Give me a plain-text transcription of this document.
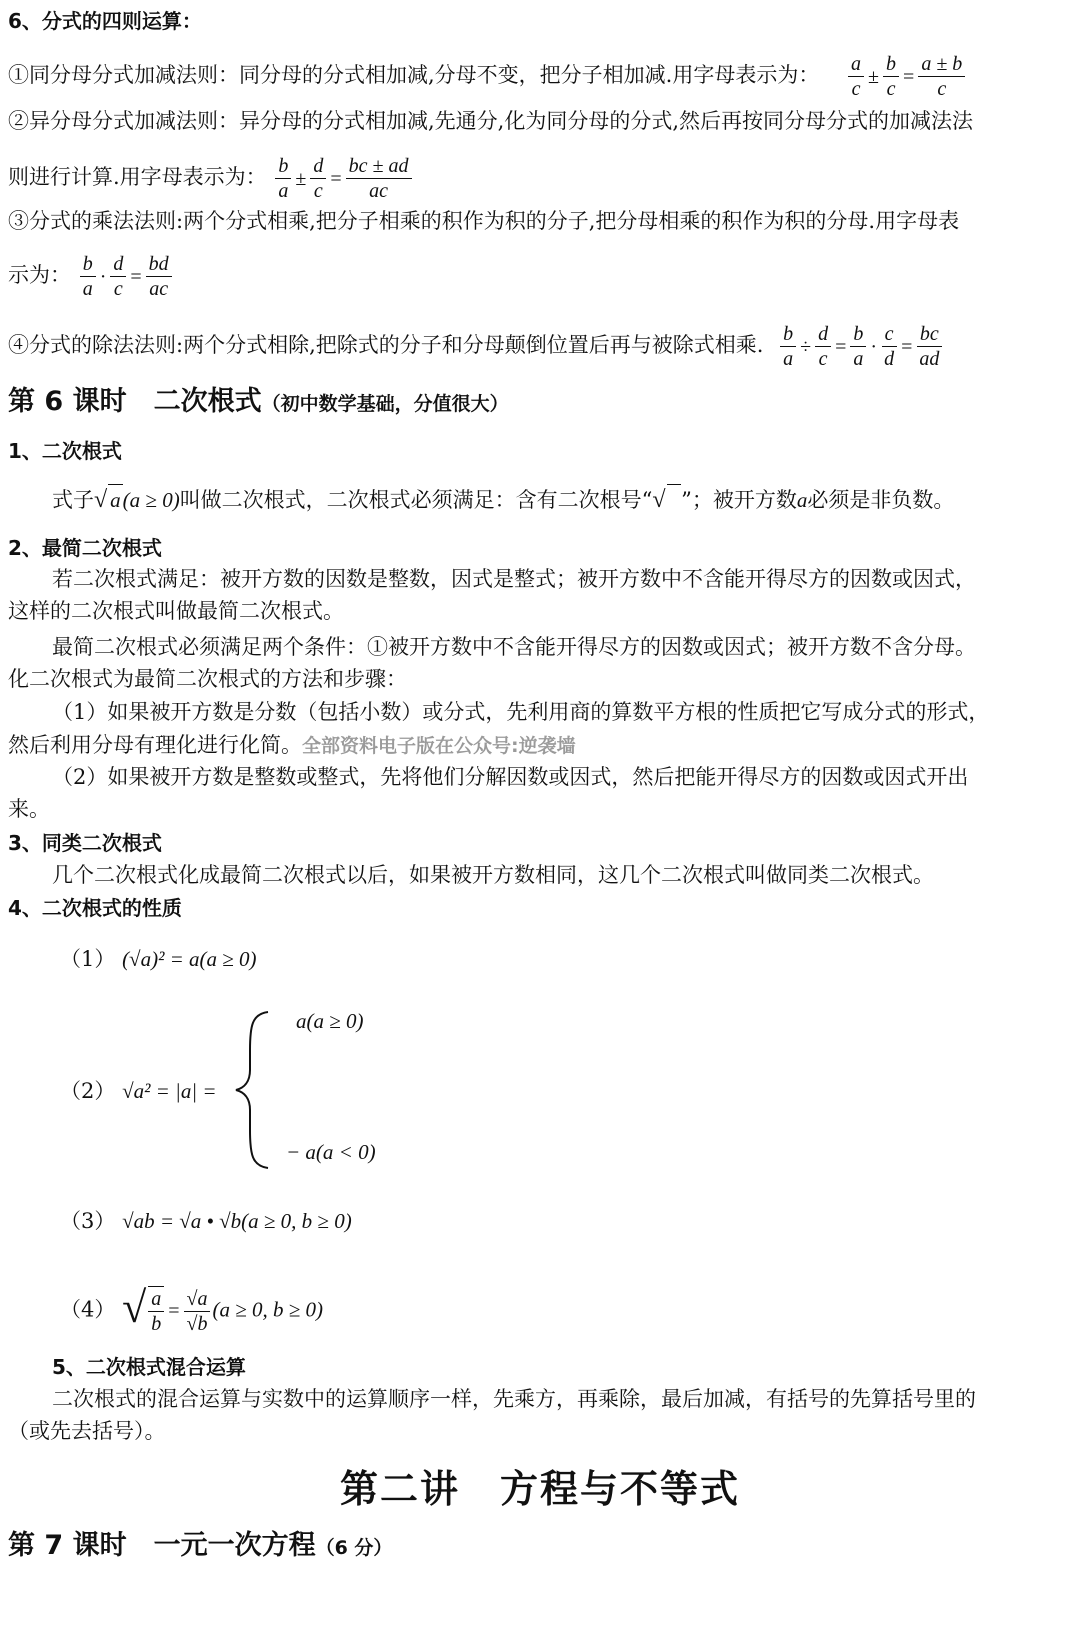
6、分式的四则运算：
①同分母分式加减法则：同分母的分式相加减,分母不变，把分子相加减.用字母表示为： $\frac{a}{c} \pm \frac{b}{c} = \frac{a \pm b}{c}$
②异分母分式加减法则：异分母的分式相加减,先通分,化为同分母的分式,然后再按同分母分式的加减法法
则进行计算.用字母表示为： $\frac{b}{a} \pm \frac{d}{c} = \frac{bc \pm ad}{ac}$
③分式的乘法法则:两个分式相乘,把分子相乘的积作为积的分子,把分母相乘的积作为积的分母.用字母表
示为： $\frac{b}{a} \cdot \frac{d}{c} = \frac{bd}{ac}$
④分式的除法法则:两个分式相除,把除式的分子和分母颠倒位置后再与被除式相乘. $\frac{b}{a} \div \frac{d}{c} = \frac{b}{a} \cdot \frac{c}{d} = \frac{bc}{ad}$
第 6 课时　二次根式（初中数学基础，分值很大）
1、二次根式
式子√ a(a ≥ 0)叫做二次根式，二次根式必须满足：含有二次根号“√ ”；被开方数a必须是非负数。
2、最简二次根式
若二次根式满足：被开方数的因数是整数，因式是整式；被开方数中不含能开得尽方的因数或因式，
这样的二次根式叫做最简二次根式。
最简二次根式必须满足两个条件：①被开方数中不含能开得尽方的因数或因式；被开方数不含分母。
化二次根式为最简二次根式的方法和步骤：
（1）如果被开方数是分数（包括小数）或分式，先利用商的算数平方根的性质把它写成分式的形式，
然后利用分母有理化进行化简。全部资料电子版在公众号:逆袭墙
（2）如果被开方数是整数或整式，先将他们分解因数或因式，然后把能开得尽方的因数或因式开出
来。
3、同类二次根式
几个二次根式化成最简二次根式以后，如果被开方数相同，这几个二次根式叫做同类二次根式。
4、二次根式的性质
（1） (√a)² = a(a ≥ 0)
（2） √a² = |a| =
a(a ≥ 0)
− a(a < 0)
（3） √ab = √a • √b(a ≥ 0, b ≥ 0)
（4） √ $\frac{a}{b} = \frac{√a}{√b} (a \ge 0$, b ≥ 0)
5、二次根式混合运算
二次根式的混合运算与实数中的运算顺序一样，先乘方，再乘除，最后加减，有括号的先算括号里的
（或先去括号）。
第二讲　方程与不等式
第 7 课时　一元一次方程（6 分）
